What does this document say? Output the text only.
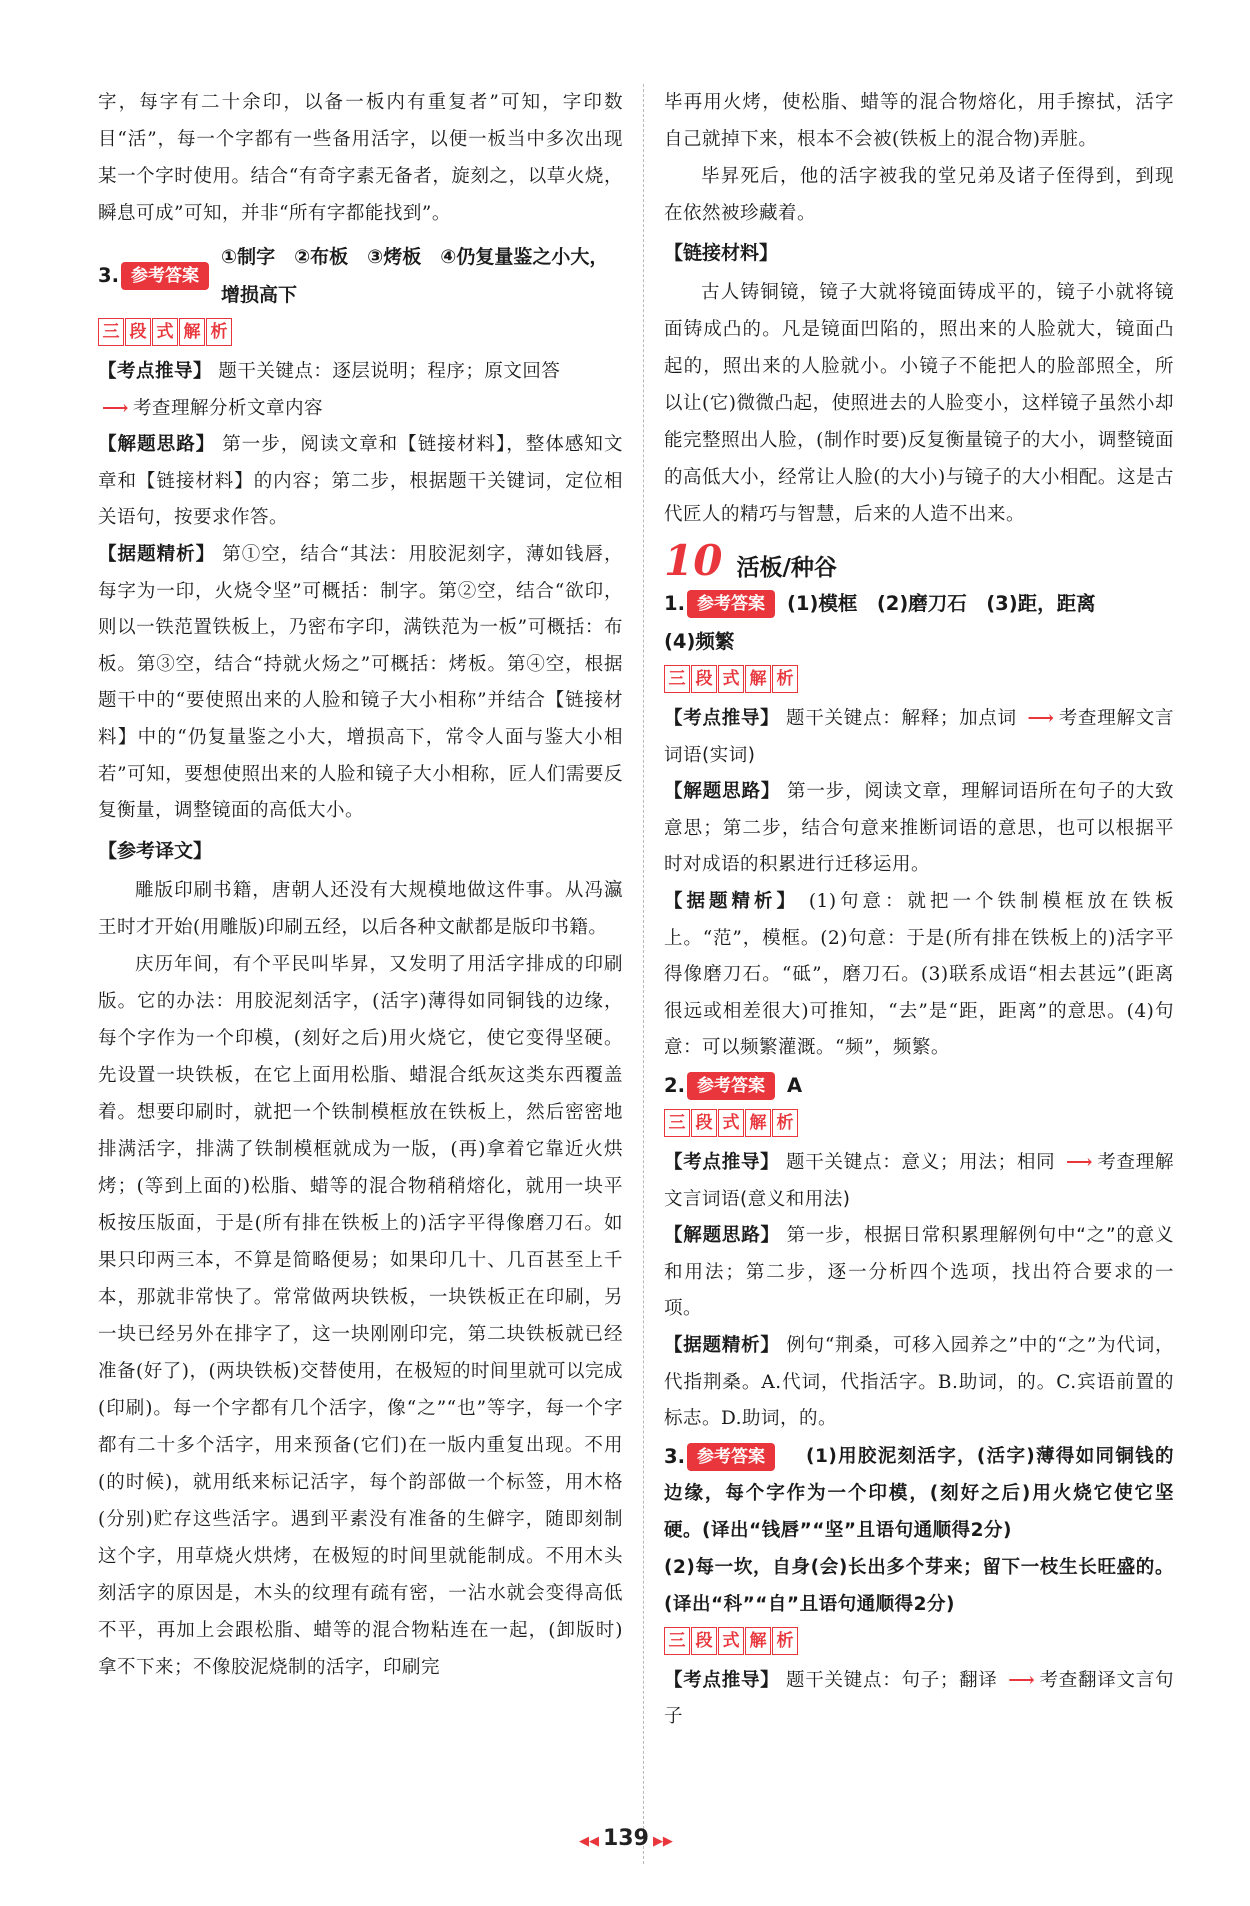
字，每字有二十余印，以备一板内有重复者”可知，字印数目“活”，每一个字都有一些备用活字，以便一板当中多次出现某一个字时使用。结合“有奇字素无备者，旋刻之，以草火烧，瞬息可成”可知，并非“所有字都能找到”。

3. 参考答案
①制字　②布板　③烤板　④仍复量鉴之小大，增损高下
三 段 式 解 析

【考点推导】 题干关键点：逐层说明；程序；原文回答
⟶ 考查理解分析文章内容

【解题思路】 第一步，阅读文章和【链接材料】，整体感知文章和【链接材料】的内容；第二步，根据题干关键词，定位相关语句，按要求作答。

【据题精析】 第①空，结合“其法：用胶泥刻字，薄如钱唇，每字为一印，火烧令坚”可概括：制字。第②空，结合“欲印，则以一铁范置铁板上，乃密布字印，满铁范为一板”可概括：布板。第③空，结合“持就火炀之”可概括：烤板。第④空，根据题干中的“要使照出来的人脸和镜子大小相称”并结合【链接材料】中的“仍复量鉴之小大，增损高下，常令人面与鉴大小相若”可知，要想使照出来的人脸和镜子大小相称，匠人们需要反复衡量，调整镜面的高低大小。

【参考译文】

雕版印刷书籍，唐朝人还没有大规模地做这件事。从冯瀛王时才开始(用雕版)印刷五经，以后各种文献都是版印书籍。

庆历年间，有个平民叫毕昇，又发明了用活字排成的印刷版。它的办法：用胶泥刻活字，(活字)薄得如同铜钱的边缘，每个字作为一个印模，(刻好之后)用火烧它，使它变得坚硬。先设置一块铁板，在它上面用松脂、蜡混合纸灰这类东西覆盖着。想要印刷时，就把一个铁制模框放在铁板上，然后密密地排满活字，排满了铁制模框就成为一版，(再)拿着它靠近火烘烤；(等到上面的)松脂、蜡等的混合物稍稍熔化，就用一块平板按压版面，于是(所有排在铁板上的)活字平得像磨刀石。如果只印两三本，不算是简略便易；如果印几十、几百甚至上千本，那就非常快了。常常做两块铁板，一块铁板正在印刷，另一块已经另外在排字了，这一块刚刚印完，第二块铁板就已经准备(好了)，(两块铁板)交替使用，在极短的时间里就可以完成(印刷)。每一个字都有几个活字，像“之”“也”等字，每一个字都有二十多个活字，用来预备(它们)在一版内重复出现。不用(的时候)，就用纸来标记活字，每个韵部做一个标签，用木格(分别)贮存这些活字。遇到平素没有准备的生僻字，随即刻制这个字，用草烧火烘烤，在极短的时间里就能制成。不用木头刻活字的原因是，木头的纹理有疏有密，一沾水就会变得高低不平，再加上会跟松脂、蜡等的混合物粘连在一起，(卸版时)拿不下来；不像胶泥烧制的活字，印刷完

毕再用火烤，使松脂、蜡等的混合物熔化，用手擦拭，活字自己就掉下来，根本不会被(铁板上的混合物)弄脏。

毕昇死后，他的活字被我的堂兄弟及诸子侄得到，到现在依然被珍藏着。

【链接材料】

古人铸铜镜，镜子大就将镜面铸成平的，镜子小就将镜面铸成凸的。凡是镜面凹陷的，照出来的人脸就大，镜面凸起的，照出来的人脸就小。小镜子不能把人的脸部照全，所以让(它)微微凸起，使照进去的人脸变小，这样镜子虽然小却能完整照出人脸，(制作时要)反复衡量镜子的大小，调整镜面的高低大小，经常让人脸(的大小)与镜子的大小相配。这是古代匠人的精巧与智慧，后来的人造不出来。

10 活板/种谷
1. 参考答案	(1)模框　(2)磨刀石　(3)距，距离
(4)频繁
三 段 式 解 析

【考点推导】 题干关键点：解释；加点词 ⟶ 考查理解文言词语(实词)

【解题思路】 第一步，阅读文章，理解词语所在句子的大致意思；第二步，结合句意来推断词语的意思，也可以根据平时对成语的积累进行迁移运用。

【据题精析】 (1)句意：就把一个铁制模框放在铁板上。“范”，模框。(2)句意：于是(所有排在铁板上的)活字平得像磨刀石。“砥”，磨刀石。(3)联系成语“相去甚远”(距离很远或相差很大)可推知，“去”是“距，距离”的意思。(4)句意：可以频繁灌溉。“频”，频繁。

2. 参考答案	A
三 段 式 解 析

【考点推导】 题干关键点：意义；用法；相同 ⟶ 考查理解文言词语(意义和用法)

【解题思路】 第一步，根据日常积累理解例句中“之”的意义和用法；第二步，逐一分析四个选项，找出符合要求的一项。

【据题精析】 例句“荆桑，可移入园养之”中的“之”为代词，代指荆桑。A.代词，代指活字。B.助词，的。C.宾语前置的标志。D.助词，的。

3. 参考答案	(1)用胶泥刻活字，(活字)薄得如同铜钱的边缘，每个字作为一个印模，(刻好之后)用火烧它使它坚硬。(译出“钱唇”“坚”且语句通顺得2分)

(2)每一坎，自身(会)长出多个芽来；留下一枝生长旺盛的。(译出“科”“自”且语句通顺得2分)

三 段 式 解 析

【考点推导】 题干关键点：句子；翻译 ⟶ 考查翻译文言句子

◀◀ 139 ▶▶
